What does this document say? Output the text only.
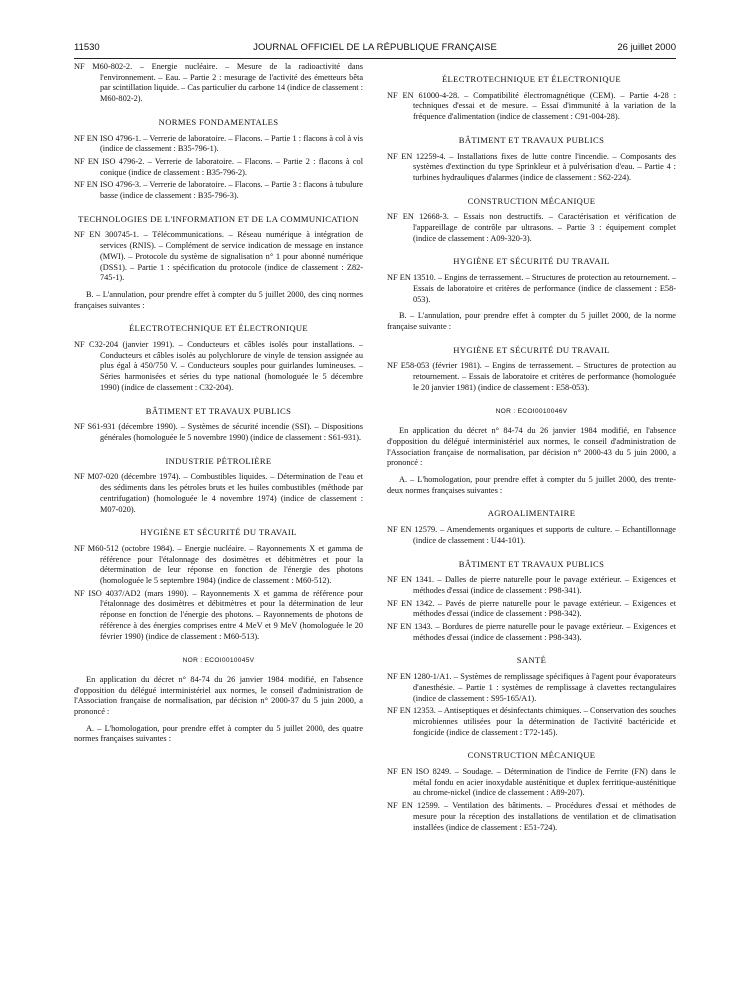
11530	JOURNAL OFFICIEL DE LA RÉPUBLIQUE FRANÇAISE	26 juillet 2000

NF M60-802-2. – Energie nucléaire. – Mesure de la radioactivité dans l'environnement. – Eau. – Partie 2 : mesurage de l'activité des émetteurs bêta par scintillation liquide. – Cas particulier du carbone 14 (indice de classement : M60-802-2).

NORMES FONDAMENTALES

NF EN ISO 4796-1. – Verrerie de laboratoire. – Flacons. – Partie 1 : flacons à col à vis (indice de classement : B35-796-1).

NF EN ISO 4796-2. – Verrerie de laboratoire. – Flacons. – Partie 2 : flacons à col conique (indice de classement : B35-796-2).

NF EN ISO 4796-3. – Verrerie de laboratoire. – Flacons. – Partie 3 : flacons à tubulure basse (indice de classement : B35-796-3).

TECHNOLOGIES DE L'INFORMATION ET DE LA COMMUNICATION

NF EN 300745-1. – Télécommunications. – Réseau numérique à intégration de services (RNIS). – Complément de service indication de message en instance (MWI). – Protocole du système de signalisation n° 1 pour abonné numérique (DSS1). – Partie 1 : spécification du protocole (indice de classement : Z82-745-1).

B. – L'annulation, pour prendre effet à compter du 5 juillet 2000, des cinq normes françaises suivantes :

ÉLECTROTECHNIQUE ET ÉLECTRONIQUE

NF C32-204 (janvier 1991). – Conducteurs et câbles isolés pour installations. – Conducteurs et câbles isolés au polychlorure de vinyle de tension assignée au plus égal à 450/750 V. – Conducteurs souples pour guirlandes lumineuses. – Séries harmonisées et séries du type national (homologuée le 5 décembre 1990) (indice de classement : C32-204).

BÂTIMENT ET TRAVAUX PUBLICS

NF S61-931 (décembre 1990). – Systèmes de sécurité incendie (SSI). – Dispositions générales (homologuée le 5 novembre 1990) (indice de classement : S61-931).

INDUSTRIE PÉTROLIÈRE

NF M07-020 (décembre 1974). – Combustibles liquides. – Détermination de l'eau et des sédiments dans les pétroles bruts et les huiles combustibles (méthode par centrifugation) (homologuée le 4 novembre 1974) (indice de classement : M07-020).

HYGIÈNE ET SÉCURITÉ DU TRAVAIL

NF M60-512 (octobre 1984). – Energie nucléaire. – Rayonnements X et gamma de référence pour l'étalonnage des dosimètres et débitmètres et pour la détermination de leur réponse en fonction de l'énergie des photons (homologuée le 5 septembre 1984) (indice de classement : M60-512).

NF ISO 4037/AD2 (mars 1990). – Rayonnements X et gamma de référence pour l'étalonnage des dosimètres et débitmètres et pour la détermination de leur réponse en fonction de l'énergie des photons. – Rayonnements de photons de référence à des énergies comprises entre 4 MeV et 9 MeV (homologuée le 20 février 1990) (indice de classement : M60-513).

NOR : ECOI0010045V

En application du décret n° 84-74 du 26 janvier 1984 modifié, en l'absence d'opposition du délégué interministériel aux normes, le conseil d'administration de l'Association française de normalisation, par décision n° 2000-37 du 5 juin 2000, a prononcé :

A. – L'homologation, pour prendre effet à compter du 5 juillet 2000, des quatre normes françaises suivantes :

ÉLECTROTECHNIQUE ET ÉLECTRONIQUE

NF EN 61000-4-28. – Compatibilité électromagnétique (CEM). – Partie 4-28 : techniques d'essai et de mesure. – Essai d'immunité à la variation de la fréquence d'alimentation (indice de classement : C91-004-28).

BÂTIMENT ET TRAVAUX PUBLICS

NF EN 12259-4. – Installations fixes de lutte contre l'incendie. – Composants des systèmes d'extinction du type Sprinkleur et à pulvérisation d'eau. – Partie 4 : turbines hydrauliques d'alarmes (indice de classement : S62-224).

CONSTRUCTION MÉCANIQUE

NF EN 12668-3. – Essais non destructifs. – Caractérisation et vérification de l'appareillage de contrôle par ultrasons. – Partie 3 : équipement complet (indice de classement : A09-320-3).

HYGIÈNE ET SÉCURITÉ DU TRAVAIL

NF EN 13510. – Engins de terrassement. – Structures de protection au retournement. – Essais de laboratoire et critères de performance (indice de classement : E58-053).

B. – L'annulation, pour prendre effet à compter du 5 juillet 2000, de la norme française suivante :

HYGIÈNE ET SÉCURITÉ DU TRAVAIL

NF E58-053 (février 1981). – Engins de terrassement. – Structures de protection au retournement. – Essais de laboratoire et critères de performance (homologuée le 20 janvier 1981) (indice de classement : E58-053).

NOR : ECOI0010046V

En application du décret n° 84-74 du 26 janvier 1984 modifié, en l'absence d'opposition du délégué interministériel aux normes, le conseil d'administration de l'Association française de normalisation, par décision n° 2000-43 du 5 juin 2000, a prononcé :

A. – L'homologation, pour prendre effet à compter du 5 juillet 2000, des trente-deux normes françaises suivantes :

AGROALIMENTAIRE

NF EN 12579. – Amendements organiques et supports de culture. – Echantillonnage (indice de classement : U44-101).

BÂTIMENT ET TRAVAUX PUBLICS

NF EN 1341. – Dalles de pierre naturelle pour le pavage extérieur. – Exigences et méthodes d'essai (indice de classement : P98-341).

NF EN 1342. – Pavés de pierre naturelle pour le pavage extérieur. – Exigences et méthodes d'essai (indice de classement : P98-342).

NF EN 1343. – Bordures de pierre naturelle pour le pavage extérieur. – Exigences et méthodes d'essai (indice de classement : P98-343).

SANTÉ

NF EN 1280-1/A1. – Systèmes de remplissage spécifiques à l'agent pour évaporateurs d'anesthésie. – Partie 1 : systèmes de remplissage à clavettes rectangulaires (indice de classement : S95-165/A1).

NF EN 12353. – Antiseptiques et désinfectants chimiques. – Conservation des souches microbiennes utilisées pour la détermination de l'activité bactéricide et fongicide (indice de classement : T72-145).

CONSTRUCTION MÉCANIQUE

NF EN ISO 8249. – Soudage. – Détermination de l'indice de Ferrite (FN) dans le métal fondu en acier inoxydable austénitique et duplex ferritique-austénitique au chrome-nickel (indice de classement : A89-207).

NF EN 12599. – Ventilation des bâtiments. – Procédures d'essai et méthodes de mesure pour la réception des installations de ventilation et de climatisation installées (indice de classement : E51-724).
